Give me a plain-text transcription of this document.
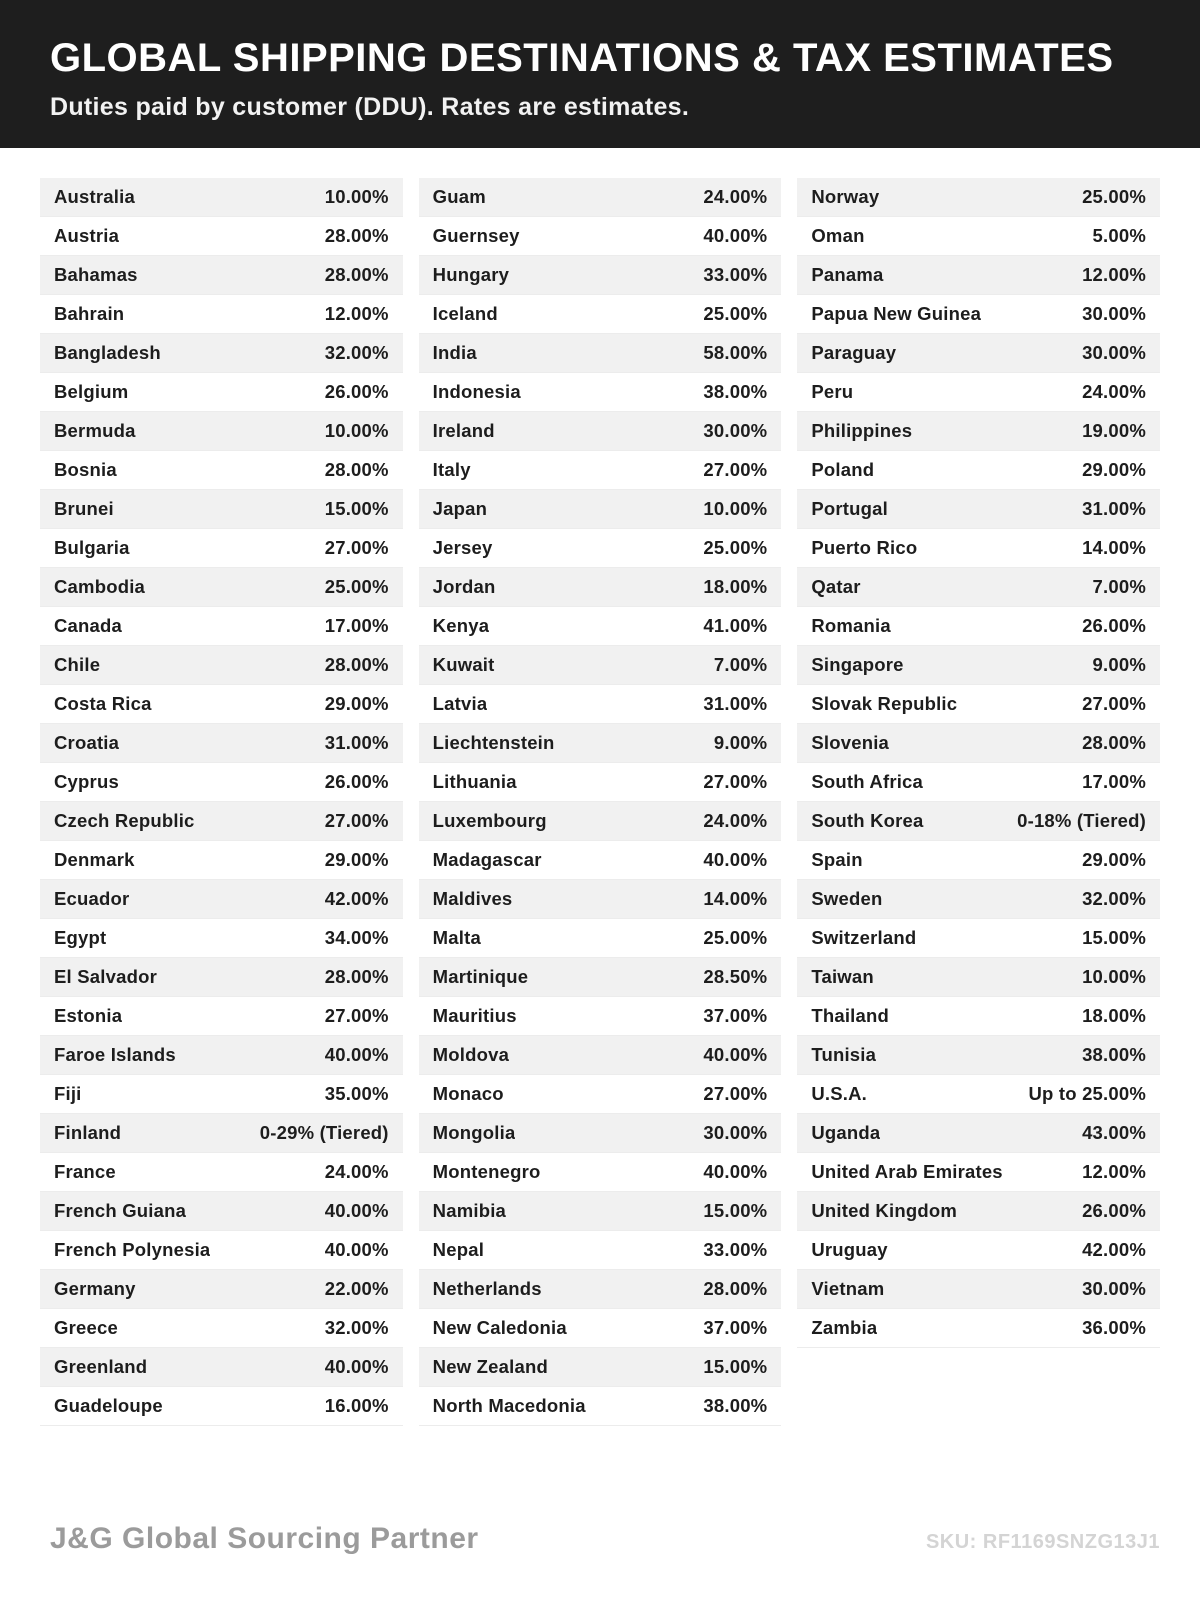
GLOBAL SHIPPING DESTINATIONS & TAX ESTIMATES
Duties paid by customer (DDU). Rates are estimates.
Australia	10.00%
Austria	28.00%
Bahamas	28.00%
Bahrain	12.00%
Bangladesh	32.00%
Belgium	26.00%
Bermuda	10.00%
Bosnia	28.00%
Brunei	15.00%
Bulgaria	27.00%
Cambodia	25.00%
Canada	17.00%
Chile	28.00%
Costa Rica	29.00%
Croatia	31.00%
Cyprus	26.00%
Czech Republic	27.00%
Denmark	29.00%
Ecuador	42.00%
Egypt	34.00%
El Salvador	28.00%
Estonia	27.00%
Faroe Islands	40.00%
Fiji	35.00%
Finland	0-29% (Tiered)
France	24.00%
French Guiana	40.00%
French Polynesia	40.00%
Germany	22.00%
Greece	32.00%
Greenland	40.00%
Guadeloupe	16.00%
Guam	24.00%
Guernsey	40.00%
Hungary	33.00%
Iceland	25.00%
India	58.00%
Indonesia	38.00%
Ireland	30.00%
Italy	27.00%
Japan	10.00%
Jersey	25.00%
Jordan	18.00%
Kenya	41.00%
Kuwait	7.00%
Latvia	31.00%
Liechtenstein	9.00%
Lithuania	27.00%
Luxembourg	24.00%
Madagascar	40.00%
Maldives	14.00%
Malta	25.00%
Martinique	28.50%
Mauritius	37.00%
Moldova	40.00%
Monaco	27.00%
Mongolia	30.00%
Montenegro	40.00%
Namibia	15.00%
Nepal	33.00%
Netherlands	28.00%
New Caledonia	37.00%
New Zealand	15.00%
North Macedonia	38.00%
Norway	25.00%
Oman	5.00%
Panama	12.00%
Papua New Guinea	30.00%
Paraguay	30.00%
Peru	24.00%
Philippines	19.00%
Poland	29.00%
Portugal	31.00%
Puerto Rico	14.00%
Qatar	7.00%
Romania	26.00%
Singapore	9.00%
Slovak Republic	27.00%
Slovenia	28.00%
South Africa	17.00%
South Korea	0-18% (Tiered)
Spain	29.00%
Sweden	32.00%
Switzerland	15.00%
Taiwan	10.00%
Thailand	18.00%
Tunisia	38.00%
U.S.A.	Up to 25.00%
Uganda	43.00%
United Arab Emirates	12.00%
United Kingdom	26.00%
Uruguay	42.00%
Vietnam	30.00%
Zambia	36.00%
J&G Global Sourcing Partner	SKU: RF1169SNZG13J1
